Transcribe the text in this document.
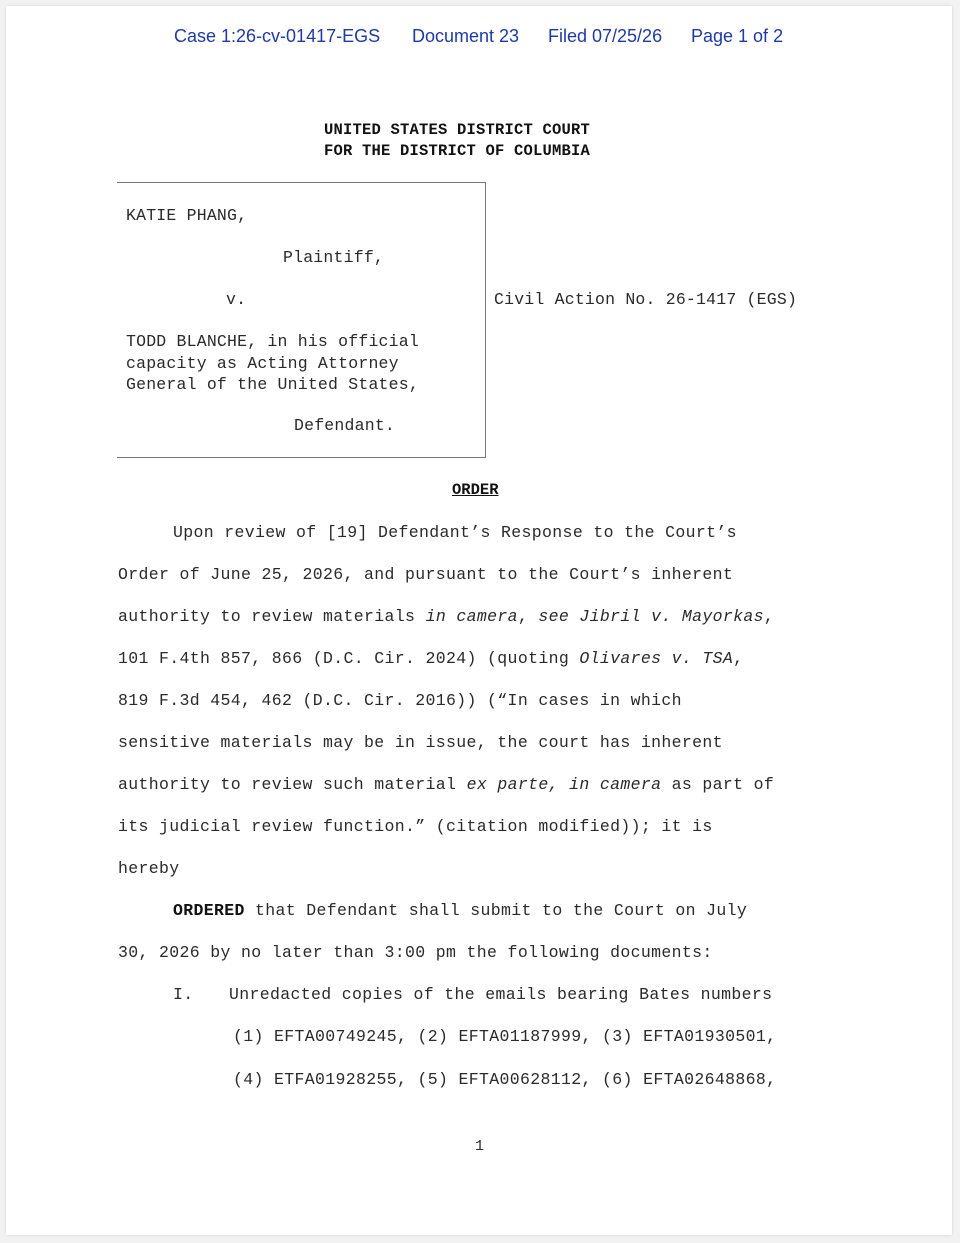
Case 1:26-cv-01417-EGS Document 23 Filed 07/25/26 Page 1 of 2
UNITED STATES DISTRICT COURT
FOR THE DISTRICT OF COLUMBIA
KATIE PHANG,
Plaintiff,
v.
TODD BLANCHE, in his official
capacity as Acting Attorney
General of the United States,
Defendant.
Civil Action No. 26-1417 (EGS)
ORDER
Upon review of [19] Defendant’s Response to the Court’s
Order of June 25, 2026, and pursuant to the Court’s inherent
authority to review materials in camera, see Jibril v. Mayorkas,
101 F.4th 857, 866 (D.C. Cir. 2024) (quoting Olivares v. TSA,
819 F.3d 454, 462 (D.C. Cir. 2016)) (“In cases in which
sensitive materials may be in issue, the court has inherent
authority to review such material ex parte, in camera as part of
its judicial review function.” (citation modified)); it is
hereby
ORDERED that Defendant shall submit to the Court on July
30, 2026 by no later than 3:00 pm the following documents:
I. Unredacted copies of the emails bearing Bates numbers
(1) EFTA00749245, (2) EFTA01187999, (3) EFTA01930501,
(4) ETFA01928255, (5) EFTA00628112, (6) EFTA02648868,
1
